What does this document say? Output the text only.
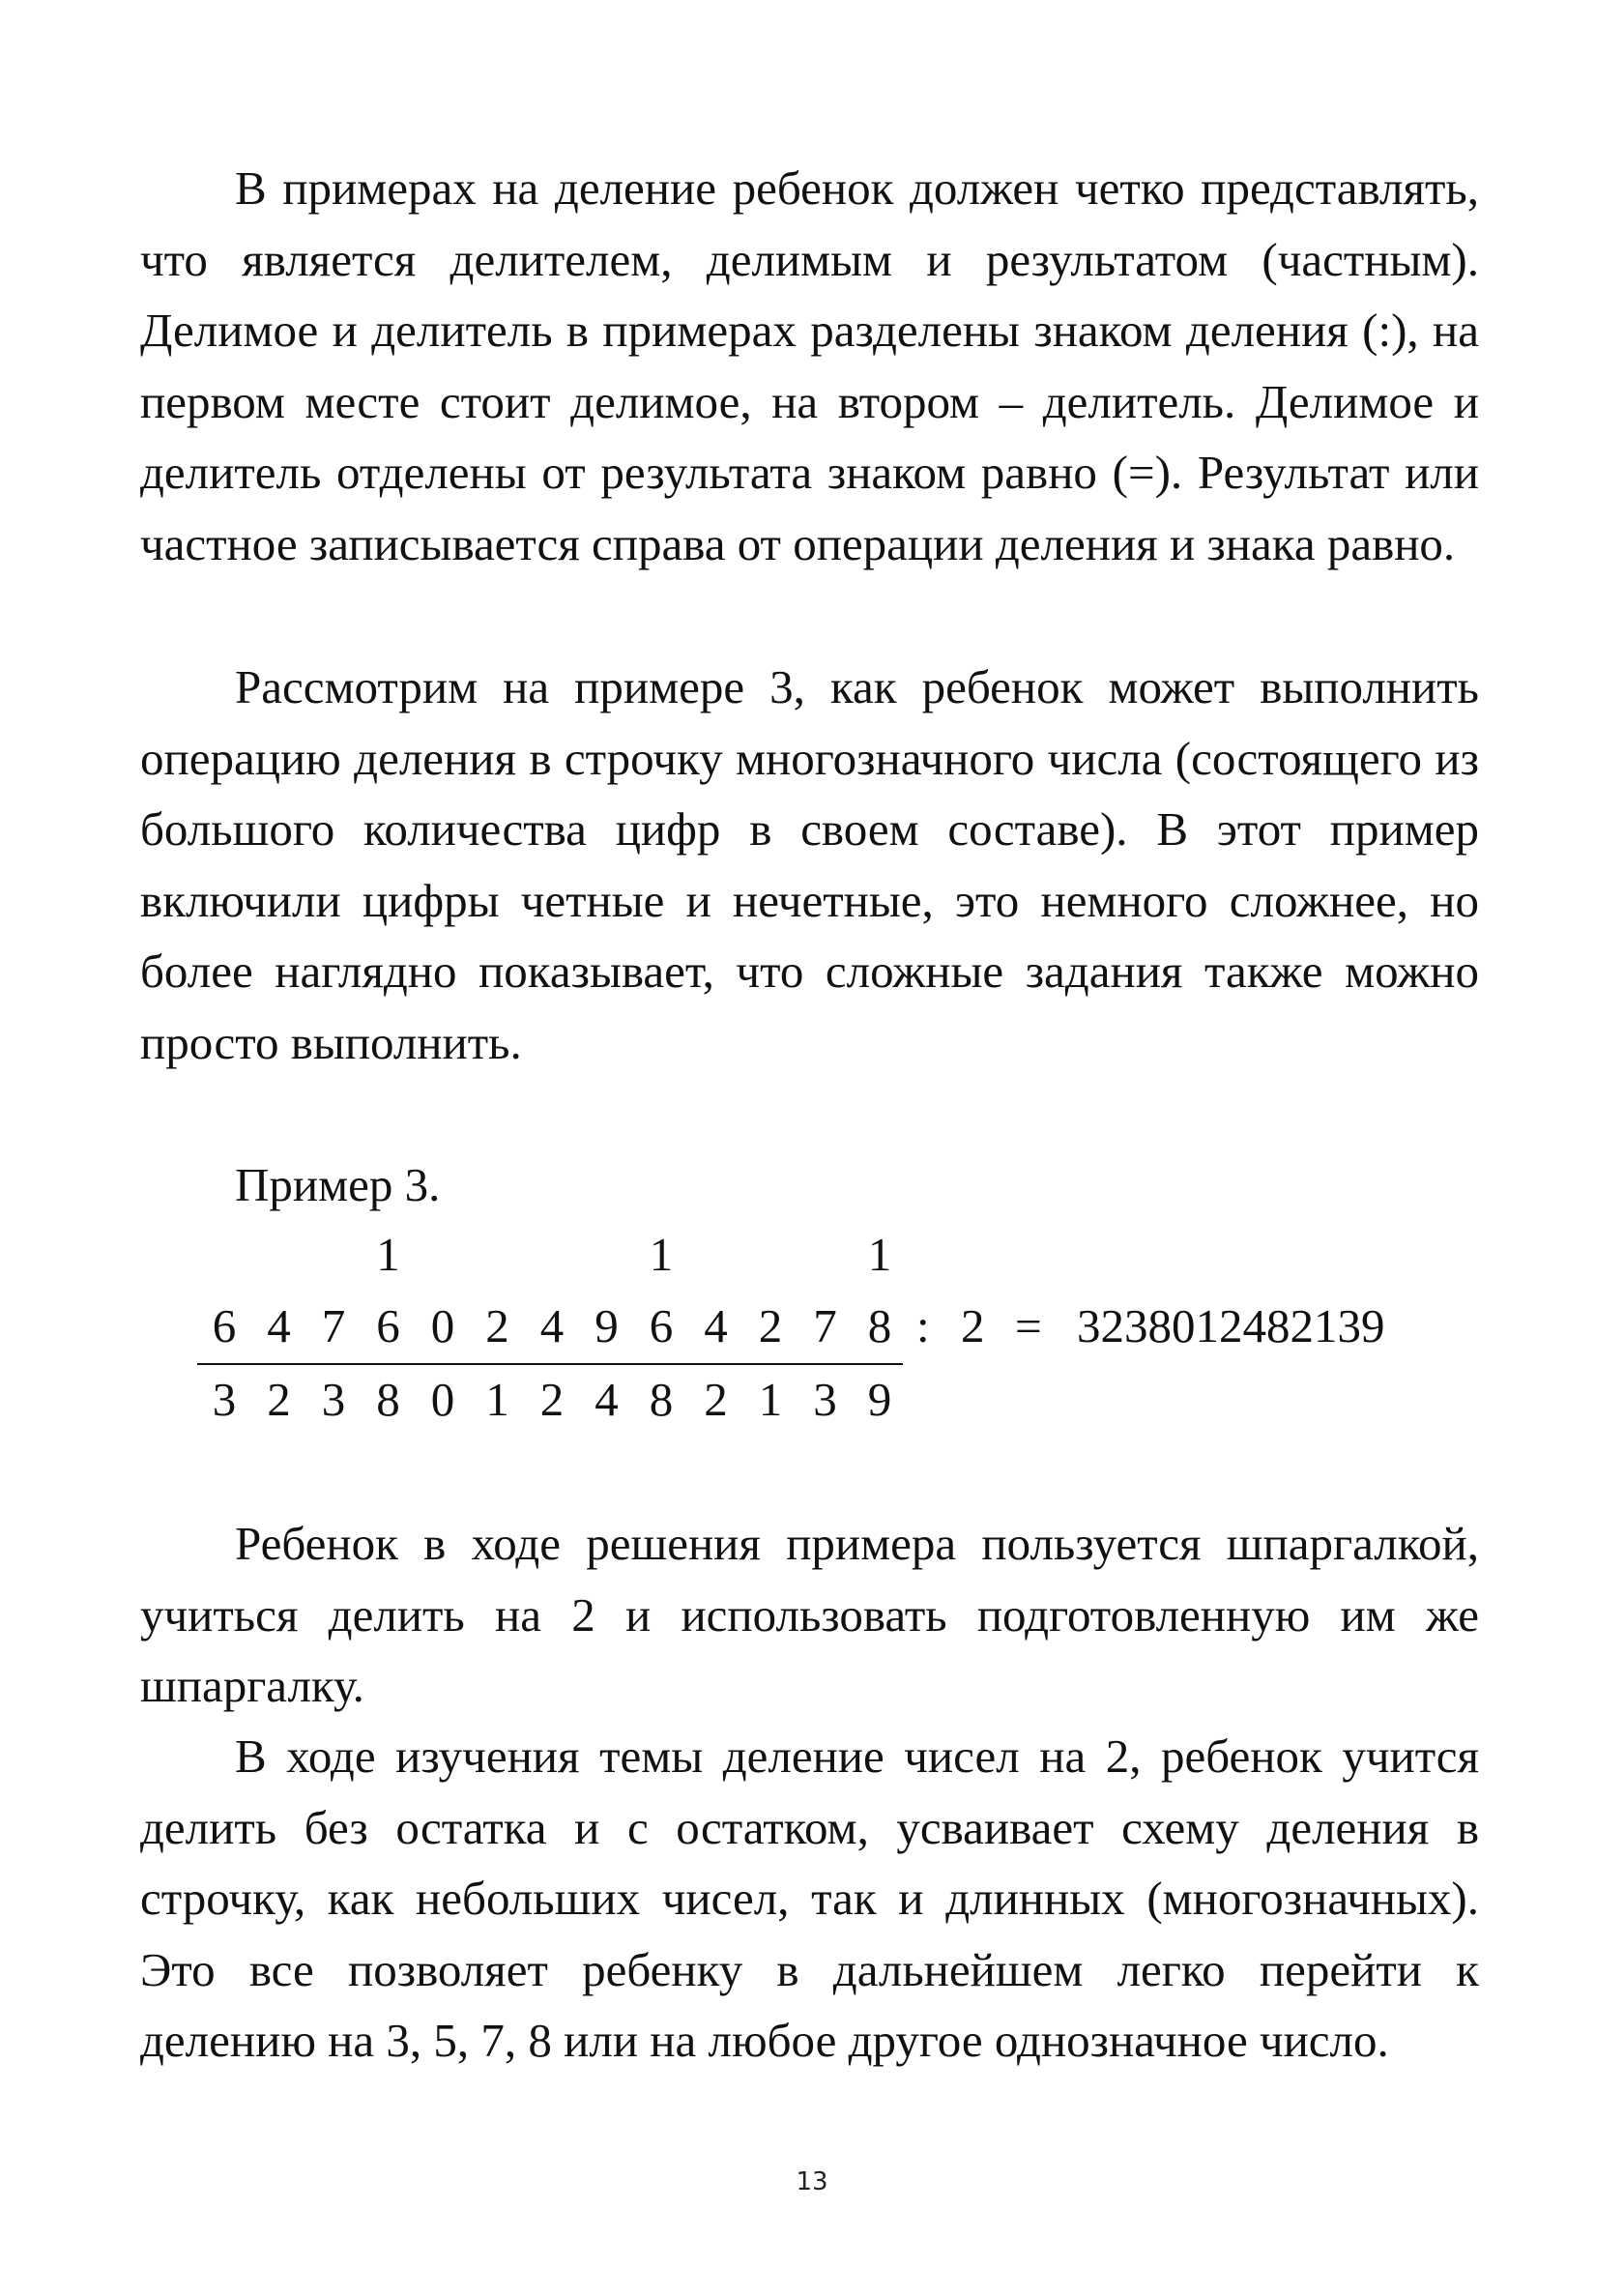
В примерах на деление ребенок должен четко представлять, что является делителем, делимым и результатом (частным). Делимое и делитель в примерах разделены знаком деления (:), на первом месте стоит делимое, на втором – делитель. Делимое и делитель отделены от результата знаком равно (=). Результат или частное записывается справа от операции деления и знака равно.

Рассмотрим на примере 3, как ребенок может выполнить операцию деления в строчку многозначного числа (состоящего из большого количества цифр в своем составе). В этот пример включили цифры четные и нечетные, это немного сложнее, но более наглядно показывает, что сложные задания также можно просто выполнить.

Пример 3.
1	1	1
6 4 7 6 0 2 4 9 6 4 2 7 8 : 2 = 3238012482139
3 2 3 8 0 1 2 4 8 2 1 3 9

Ребенок в ходе решения примера пользуется шпаргалкой, учиться делить на 2 и использовать подготовленную им же шпаргалку.

В ходе изучения темы деление чисел на 2, ребенок учится делить без остатка и с остатком, усваивает схему деления в строчку, как небольших чисел, так и длинных (многозначных). Это все позволяет ребенку в дальнейшем легко перейти к делению на 3, 5, 7, 8 или на любое другое однозначное число.

13
